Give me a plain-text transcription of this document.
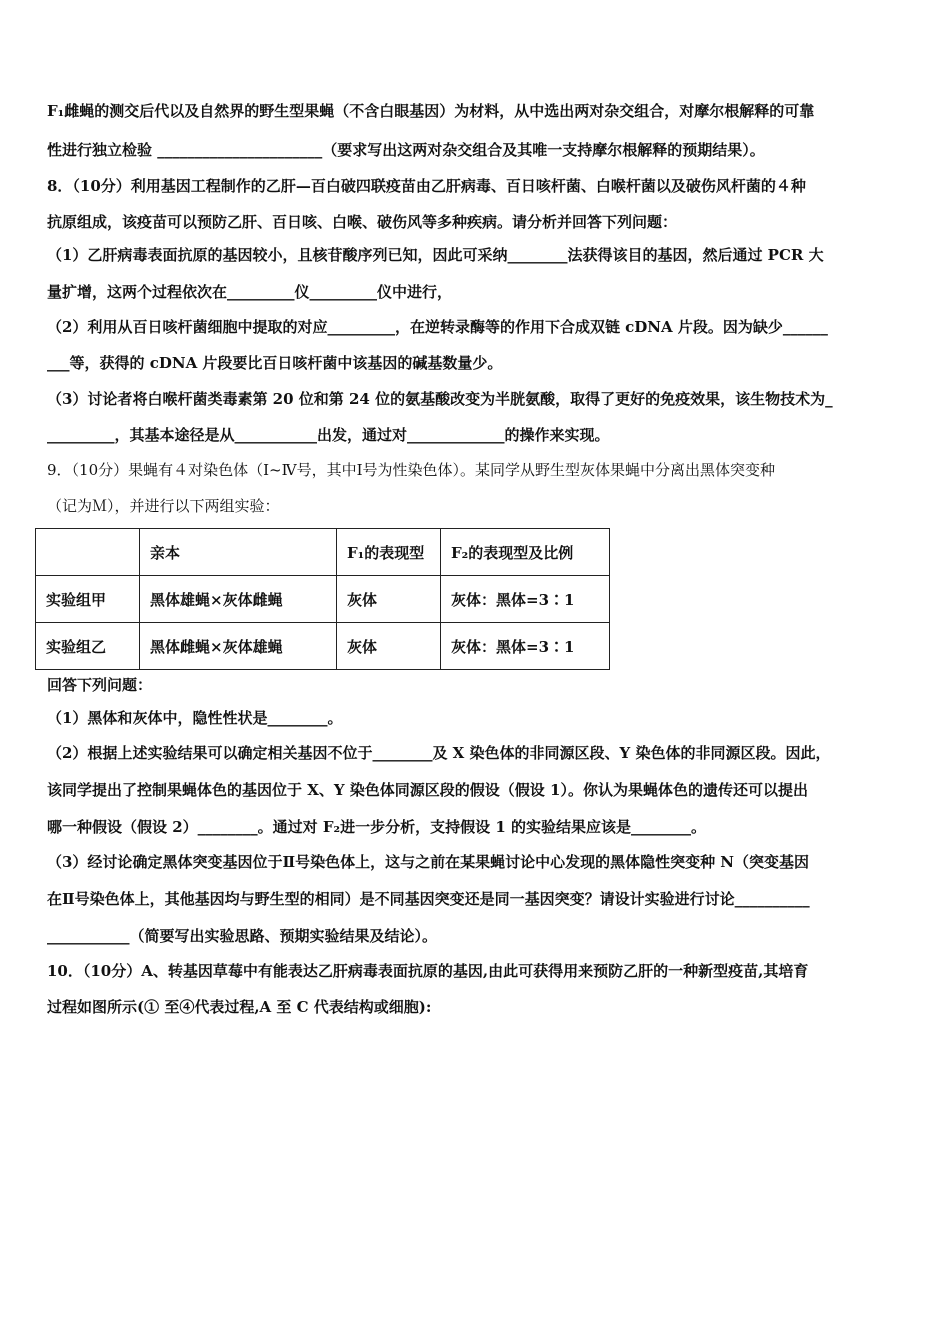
F₁雌蝇的测交后代以及自然界的野生型果蝇（不含白眼基因）为材料，从中选出两对杂交组合，对摩尔根解释的可靠
性进行独立检验 ______________________（要求写出这两对杂交组合及其唯一支持摩尔根解释的预期结果）。
8．（10分）利用基因工程制作的乙肝—百白破四联疫苗由乙肝病毒、百日咳杆菌、白喉杆菌以及破伤风杆菌的４种
抗原组成，该疫苗可以预防乙肝、百日咳、白喉、破伤风等多种疾病。请分析并回答下列问题：
（1）乙肝病毒表面抗原的基因较小，且核苷酸序列已知，因此可采纳________法获得该目的基因，然后通过 PCR 大
量扩增，这两个过程依次在_________仪_________仪中进行，
（2）利用从百日咳杆菌细胞中提取的对应_________，在逆转录酶等的作用下合成双链 cDNA 片段。因为缺少______
___等，获得的 cDNA 片段要比百日咳杆菌中该基因的碱基数量少。
（3）讨论者将白喉杆菌类毒素第 20 位和第 24 位的氨基酸改变为半胱氨酸，取得了更好的免疫效果，该生物技术为_
_________，其基本途径是从___________出发，通过对_____________的操作来实现。
9．（10分）果蝇有４对染色体（Ⅰ~Ⅳ号，其中Ⅰ号为性染色体）。某同学从野生型灰体果蝇中分离出黑体突变种
（记为Ｍ），并进行以下两组实验：
回答下列问题：
（1）黑体和灰体中，隐性性状是________。
（2）根据上述实验结果可以确定相关基因不位于________及 X 染色体的非同源区段、Y 染色体的非同源区段。因此，
该同学提出了控制果蝇体色的基因位于 X、Y 染色体同源区段的假设（假设 1）。你认为果蝇体色的遗传还可以提出
哪一种假设（假设 2）________。通过对 F₂进一步分析，支持假设 1 的实验结果应该是________。
（3）经讨论确定黑体突变基因位于Ⅱ号染色体上，这与之前在某果蝇讨论中心发现的黑体隐性突变种 N（突变基因
在Ⅱ号染色体上，其他基因均与野生型的相同）是不同基因突变还是同一基因突变？请设计实验进行讨论__________
___________（简要写出实验思路、预期实验结果及结论）。
10．（10分）A、转基因草莓中有能表达乙肝病毒表面抗原的基因,由此可获得用来预防乙肝的一种新型疫苗,其培育
过程如图所示(① 至④代表过程,A 至 C 代表结构或细胞):
	亲本	F₁的表现型	F₂的表现型及比例
实验组甲	黑体雄蝇×灰体雌蝇	灰体	灰体：黑体=3∶1
实验组乙	黑体雌蝇×灰体雄蝇	灰体	灰体：黑体=3∶1
